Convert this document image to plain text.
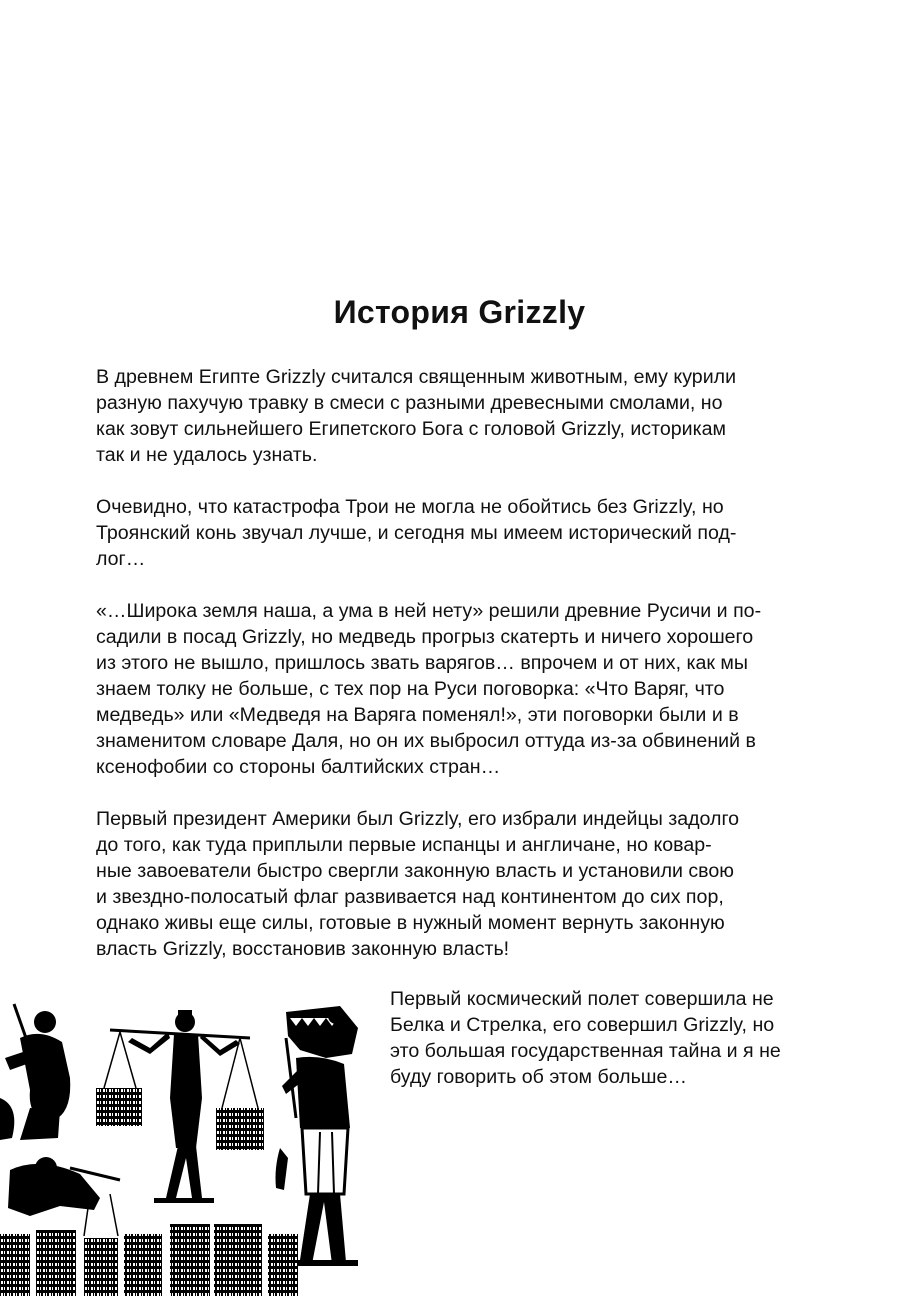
История Grizzly

В древнем Египте Grizzly считался священным животным, ему курили
разную пахучую травку в смеси с разными древесными смолами, но
как зовут сильнейшего Египетского Бога с головой Grizzly, историкам
так и не удалось узнать.

Очевидно, что катастрофа Трои не могла не обойтись без Grizzly, но
Троянский конь звучал лучше, и сегодня мы имеем исторический под-
лог…

«…Широка земля наша, а ума в ней нету» решили древние Русичи и по-
садили в посад Grizzly, но медведь прогрыз скатерть и ничего хорошего
из этого не вышло, пришлось звать варягов… впрочем и от них, как мы
знаем толку не больше, с тех пор на Руси поговорка: «Что Варяг, что
медведь» или «Медведя на Варяга поменял!», эти поговорки были и в
знаменитом словаре Даля, но он их выбросил оттуда из-за обвинений в
ксенофобии со стороны балтийских стран…

Первый президент Америки был Grizzly, его избрали индейцы задолго
до того, как туда приплыли первые испанцы и англичане, но ковар-
ные завоеватели быстро свергли законную власть и установили свою
и звездно-полосатый флаг развивается над континентом до сих пор,
однако живы еще силы, готовые в нужный момент вернуть законную
власть Grizzly, восстановив законную власть!

Первый космический полет совершила не
Белка и Стрелка, его совершил Grizzly, но
это большая государственная тайна и я не
буду говорить об этом больше…
